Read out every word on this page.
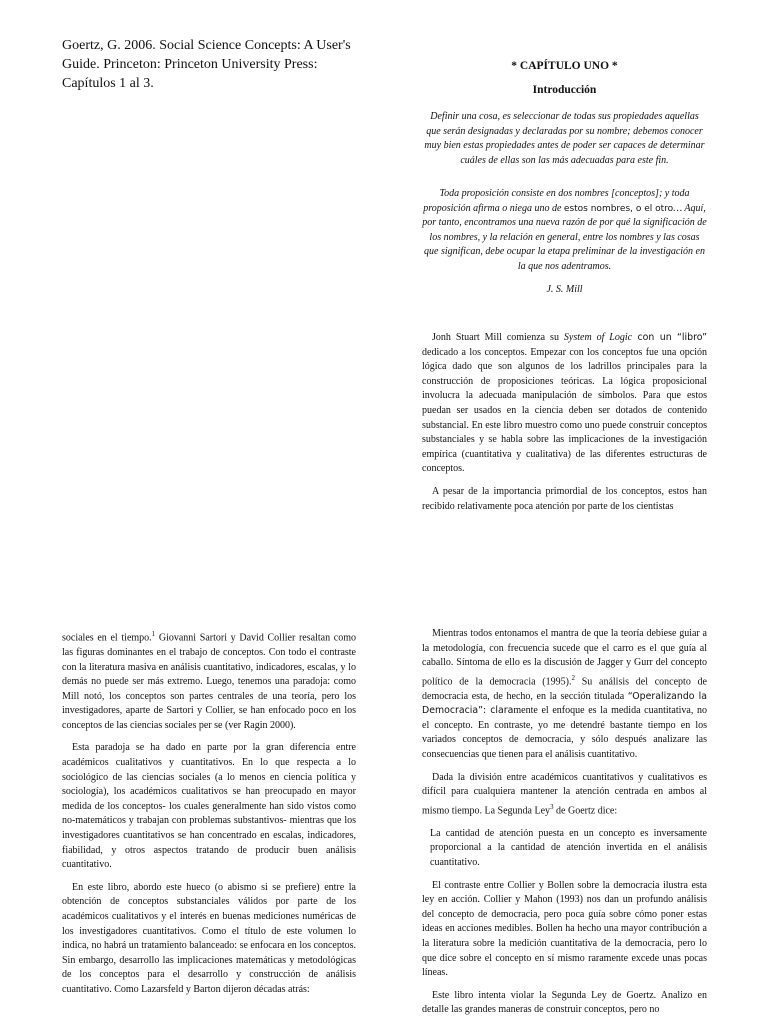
Goertz, G. 2006. Social Science Concepts: A User's Guide. Princeton: Princeton University Press: Capítulos 1 al 3.
* CAPÍTULO UNO *
Introducción
Definir una cosa, es seleccionar de todas sus propiedades aquellas que serán designadas y declaradas por su nombre; debemos conocer muy bien estas propiedades antes de poder ser capaces de determinar cuáles de ellas son las más adecuadas para este fin.
Toda proposición consiste en dos nombres [conceptos]; y toda proposición afirma o niega uno de estos nombres, o el otro… Aquí, por tanto, encontramos una nueva razón de por qué la significación de los nombres, y la relación en general, entre los nombres y las cosas que significan, debe ocupar la etapa preliminar de la investigación en la que nos adentramos.
J. S. Mill

Jonh Stuart Mill comienza su System of Logic con un “libro” dedicado a los conceptos. Empezar con los conceptos fue una opción lógica dado que son algunos de los ladrillos principales para la construcción de proposiciones teóricas. La lógica proposicional involucra la adecuada manipulación de símbolos. Para que estos puedan ser usados en la ciencia deben ser dotados de contenido substancial. En este libro muestro como uno puede construir conceptos substanciales y se habla sobre las implicaciones de la investigación empírica (cuantitativa y cualitativa) de las diferentes estructuras de conceptos.

A pesar de la importancia primordial de los conceptos, estos han recibido relativamente poca atención por parte de los cientistas

sociales en el tiempo.$^1$ Giovanni Sartori y David Collier resaltan como las figuras dominantes en el trabajo de conceptos. Con todo el contraste con la literatura masiva en análisis cuantitativo, indicadores, escalas, y lo demás no puede ser más extremo. Luego, tenemos una paradoja: como Mill notó, los conceptos son partes centrales de una teoría, pero los investigadores, aparte de Sartori y Collier, se han enfocado poco en los conceptos de las ciencias sociales per se (ver Ragin 2000).

Esta paradoja se ha dado en parte por la gran diferencia entre académicos cualitativos y cuantitativos. En lo que respecta a lo sociológico de las ciencias sociales (a lo menos en ciencia política y sociología), los académicos cualitativos se han preocupado en mayor medida de los conceptos- los cuales generalmente han sido vistos como no-matemáticos y trabajan con problemas substantivos- mientras que los investigadores cuantitativos se han concentrado en escalas, indicadores, fiabilidad, y otros aspectos tratando de producir buen análisis cuantitativo.

En este libro, abordo este hueco (o abismo si se prefiere) entre la obtención de conceptos substanciales válidos por parte de los académicos cualitativos y el interés en buenas mediciones numéricas de los investigadores cuantitativos. Como el título de este volumen lo indica, no habrá un tratamiento balanceado: se enfocara en los conceptos. Sin embargo, desarrollo las implicaciones matemáticas y metodológicas de los conceptos para el desarrollo y construcción de análisis cuantitativo. Como Lazarsfeld y Barton dijeron décadas atrás:

Mientras todos entonamos el mantra de que la teoría debiese guiar a la metodología, con frecuencia sucede que el carro es el que guía al caballo. Síntoma de ello es la discusión de Jagger y Gurr del concepto político de la democracia (1995).$^2$ Su análisis del concepto de democracia esta, de hecho, en la sección titulada “Operalizando la Democracia”: claramente el enfoque es la medida cuantitativa, no el concepto. En contraste, yo me detendré bastante tiempo en los variados conceptos de democracia, y sólo después analizare las consecuencias que tienen para el análisis cuantitativo.

Dada la división entre académicos cuantitativos y cualitativos es difícil para cualquiera mantener la atención centrada en ambos al mismo tiempo. La Segunda Ley$^3$ de Goertz dice:

La cantidad de atención puesta en un concepto es inversamente proporcional a la cantidad de atención invertida en el análisis cuantitativo.

El contraste entre Collier y Bollen sobre la democracia ilustra esta ley en acción. Collier y Mahon (1993) nos dan un profundo análisis del concepto de democracia, pero poca guía sobre cómo poner estas ideas en acciones medibles. Bollen ha hecho una mayor contribución a la literatura sobre la medición cuantitativa de la democracia, pero lo que dice sobre el concepto en sí mismo raramente excede unas pocas líneas.

Este libro intenta violar la Segunda Ley de Goertz. Analizo en detalle las grandes maneras de construir conceptos, pero no
